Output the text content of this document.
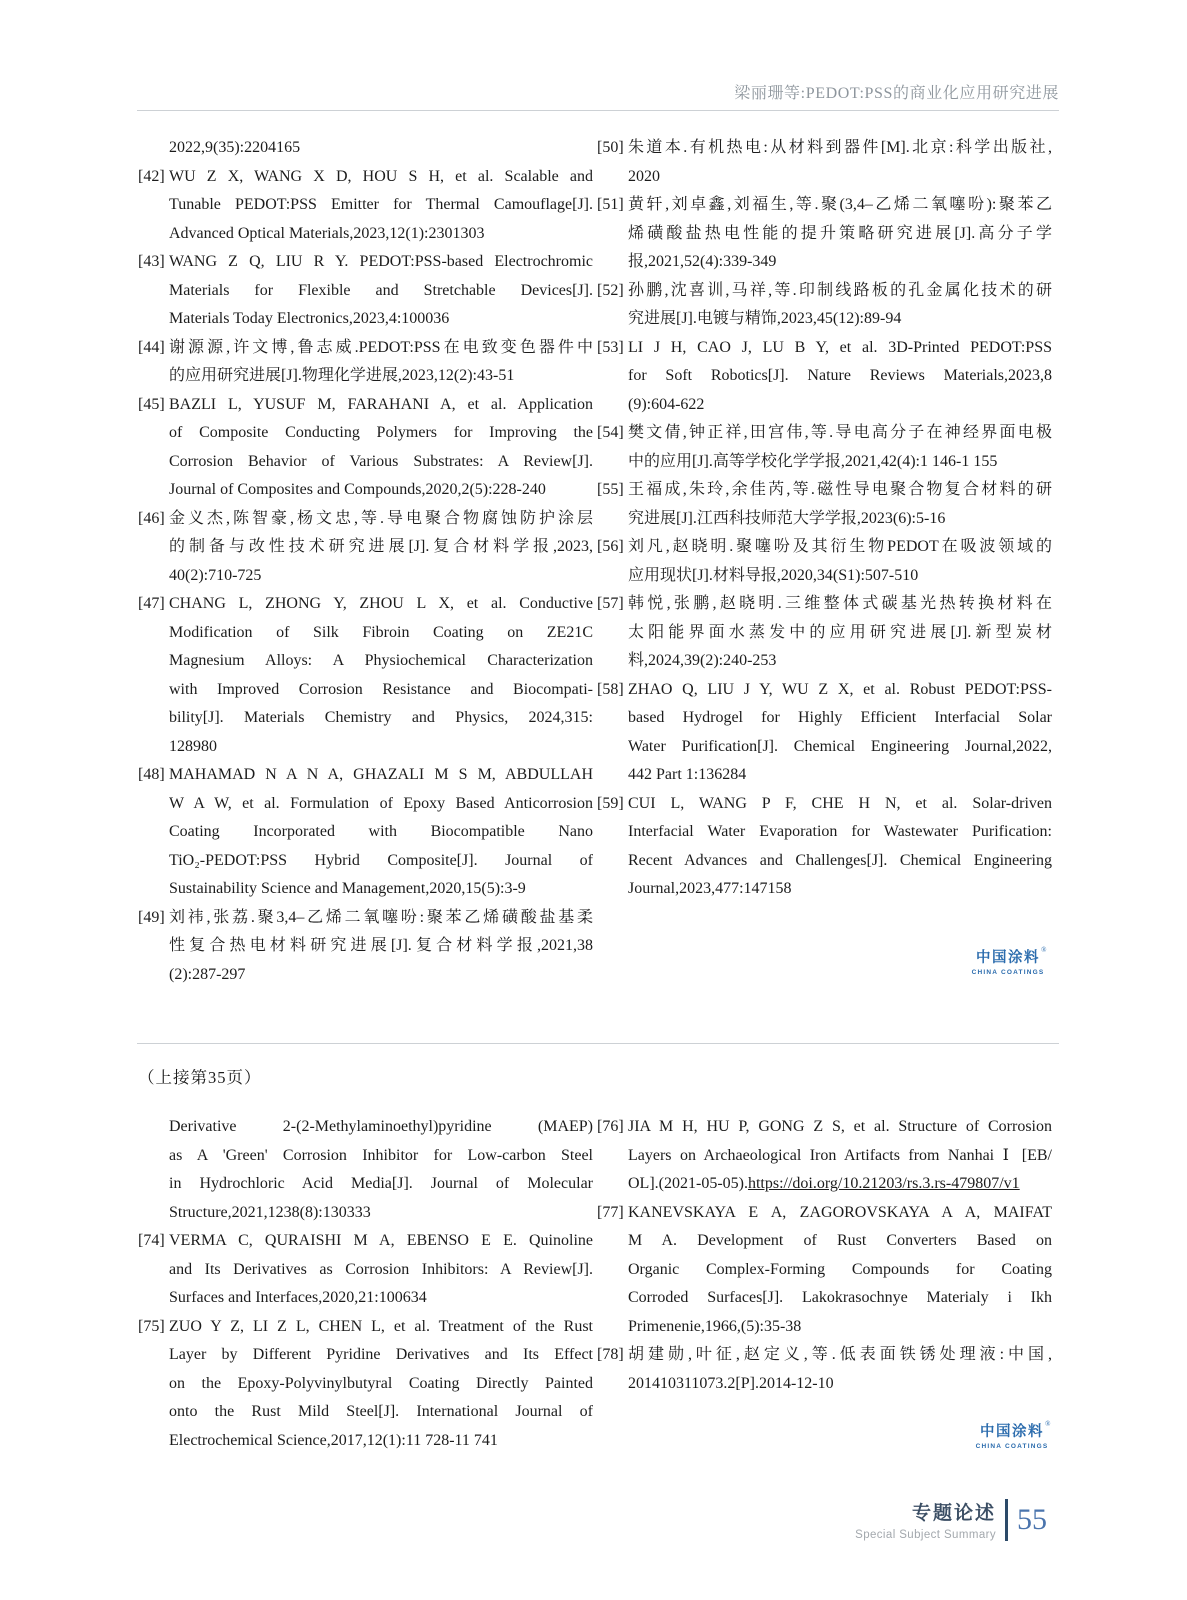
梁丽珊等:PEDOT:PSS的商业化应用研究进展
2022,9(35):2204165
[42] WU Z X, WANG X D, HOU S H, et al. Scalable and
Tunable PEDOT:PSS Emitter for Thermal Camouflage[J].
Advanced Optical Materials,2023,12(1):2301303
[43] WANG Z Q, LIU R Y. PEDOT:PSS-based Electrochromic
Materials for Flexible and Stretchable Devices[J].
Materials Today Electronics,2023,4:100036
[44] 谢源源,许文博,鲁志威.PEDOT:PSS在电致变色器件中
的应用研究进展[J].物理化学进展,2023,12(2):43-51
[45] BAZLI L, YUSUF M, FARAHANI A, et al. Application
of Composite Conducting Polymers for Improving the
Corrosion Behavior of Various Substrates: A Review[J].
Journal of Composites and Compounds,2020,2(5):228-240
[46] 金义杰,陈智豪,杨文忠,等.导电聚合物腐蚀防护涂层
的制备与改性技术研究进展[J].复合材料学报,2023,
40(2):710-725
[47] CHANG L, ZHONG Y, ZHOU L X, et al. Conductive
Modification of Silk Fibroin Coating on ZE21C
Magnesium Alloys: A Physiochemical Characterization
with Improved Corrosion Resistance and Biocompati-
bility[J]. Materials Chemistry and Physics, 2024,315:
128980
[48] MAHAMAD N A N A, GHAZALI M S M, ABDULLAH
W A W, et al. Formulation of Epoxy Based Anticorrosion
Coating Incorporated with Biocompatible Nano
TiO₂-PEDOT:PSS Hybrid Composite[J]. Journal of
Sustainability Science and Management,2020,15(5):3-9
[49] 刘祎,张荔.聚3,4–乙烯二氧噻吩:聚苯乙烯磺酸盐基柔
性复合热电材料研究进展[J].复合材料学报,2021,38
(2):287-297
[50] 朱道本.有机热电:从材料到器件[M].北京:科学出版社,
2020
[51] 黄轩,刘卓鑫,刘福生,等.聚(3,4–乙烯二氧噻吩):聚苯乙
烯磺酸盐热电性能的提升策略研究进展[J].高分子学
报,2021,52(4):339-349
[52] 孙鹏,沈喜训,马祥,等.印制线路板的孔金属化技术的研
究进展[J].电镀与精饰,2023,45(12):89-94
[53] LI J H, CAO J, LU B Y, et al. 3D-Printed PEDOT:PSS
for Soft Robotics[J]. Nature Reviews Materials,2023,8
(9):604-622
[54] 樊文倩,钟正祥,田宫伟,等.导电高分子在神经界面电极
中的应用[J].高等学校化学学报,2021,42(4):1 146-1 155
[55] 王福成,朱玲,余佳芮,等.磁性导电聚合物复合材料的研
究进展[J].江西科技师范大学学报,2023(6):5-16
[56] 刘凡,赵晓明.聚噻吩及其衍生物PEDOT在吸波领域的
应用现状[J].材料导报,2020,34(S1):507-510
[57] 韩悦,张鹏,赵晓明.三维整体式碳基光热转换材料在
太阳能界面水蒸发中的应用研究进展[J].新型炭材
料,2024,39(2):240-253
[58] ZHAO Q, LIU J Y, WU Z X, et al. Robust PEDOT:PSS-
based Hydrogel for Highly Efficient Interfacial Solar
Water Purification[J]. Chemical Engineering Journal,2022,
442 Part 1:136284
[59] CUI L, WANG P F, CHE H N, et al. Solar-driven
Interfacial Water Evaporation for Wastewater Purification:
Recent Advances and Challenges[J]. Chemical Engineering
Journal,2023,477:147158
中国涂料 ®
CHINA COATINGS
（上接第35页）
Derivative 2-(2-Methylaminoethyl)pyridine (MAEP)
as A 'Green' Corrosion Inhibitor for Low-carbon Steel
in Hydrochloric Acid Media[J]. Journal of Molecular
Structure,2021,1238(8):130333
[74] VERMA C, QURAISHI M A, EBENSO E E. Quinoline
and Its Derivatives as Corrosion Inhibitors: A Review[J].
Surfaces and Interfaces,2020,21:100634
[75] ZUO Y Z, LI Z L, CHEN L, et al. Treatment of the Rust
Layer by Different Pyridine Derivatives and Its Effect
on the Epoxy-Polyvinylbutyral Coating Directly Painted
onto the Rust Mild Steel[J]. International Journal of
Electrochemical Science,2017,12(1):11 728-11 741
[76] JIA M H, HU P, GONG Z S, et al. Structure of Corrosion
Layers on Archaeological Iron Artifacts from Nanhai Ⅰ [EB/
OL].(2021-05-05).https://doi.org/10.21203/rs.3.rs-479807/v1
[77] KANEVSKAYA E A, ZAGOROVSKAYA A A, MAIFAT
M A. Development of Rust Converters Based on
Organic Complex-Forming Compounds for Coating
Corroded Surfaces[J]. Lakokrasochnye Materialy i Ikh
Primenenie,1966,(5):35-38
[78] 胡建勋,叶征,赵定义,等.低表面铁锈处理液:中国,
201410311073.2[P].2014-12-10
中国涂料 ®
CHINA COATINGS
专题论述
Special Subject Summary 55
